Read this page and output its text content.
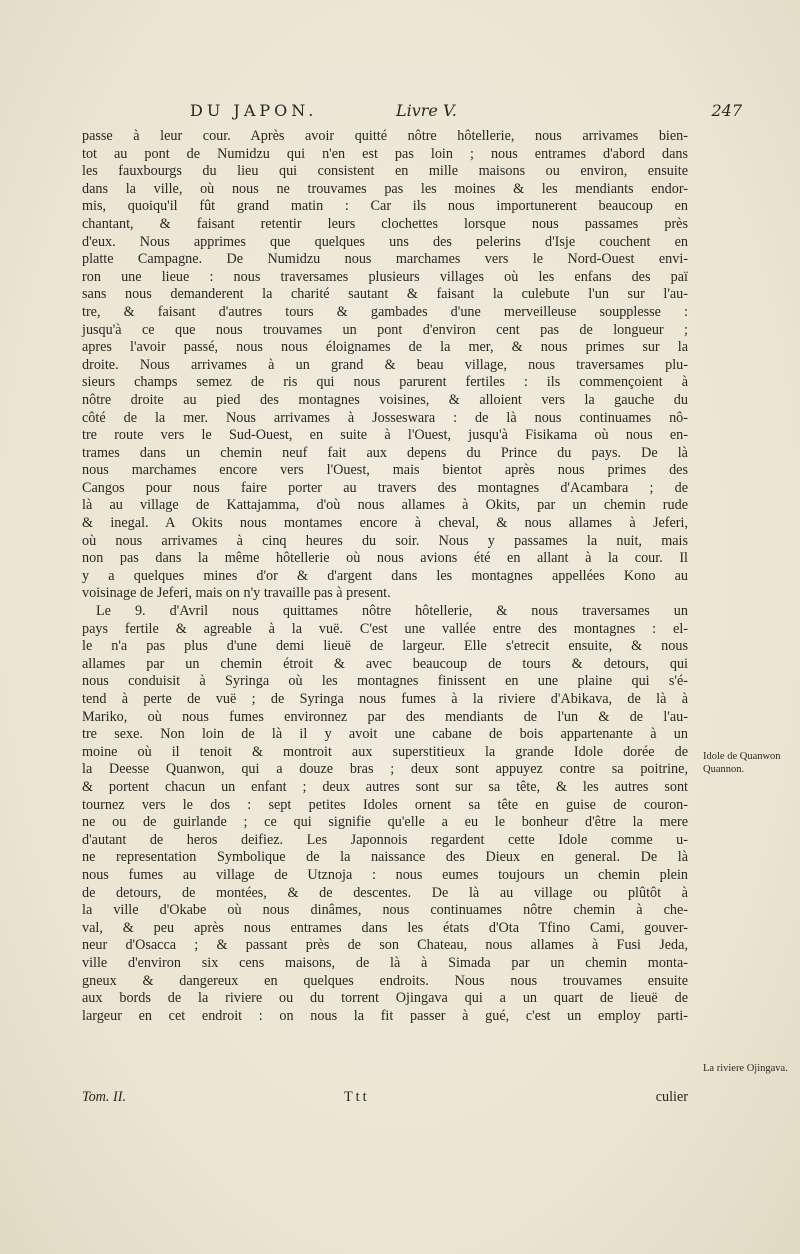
DU JAPON.	Livre V.	247
passe à leur cour. Après avoir quitté nôtre hôtellerie, nous arrivames bien-
tot au pont de Numidzu qui n'en est pas loin ; nous entrames d'abord dans
les fauxbourgs du lieu qui consistent en mille maisons ou environ, ensuite
dans la ville, où nous ne trouvames pas les moines & les mendiants endor-
mis, quoiqu'il fût grand matin : Car ils nous importunerent beaucoup en
chantant, & faisant retentir leurs clochettes lorsque nous passames près
d'eux. Nous apprimes que quelques uns des pelerins d'Isje couchent en
platte Campagne. De Numidzu nous marchames vers le Nord-Ouest envi-
ron une lieue : nous traversames plusieurs villages où les enfans des paï
sans nous demanderent la charité sautant & faisant la culebute l'un sur l'au-
tre, & faisant d'autres tours & gambades d'une merveilleuse soupplesse :
jusqu'à ce que nous trouvames un pont d'environ cent pas de longueur ;
apres l'avoir passé, nous nous éloignames de la mer, & nous primes sur la
droite. Nous arrivames à un grand & beau village, nous traversames plu-
sieurs champs semez de ris qui nous parurent fertiles : ils commençoient à
nôtre droite au pied des montagnes voisines, & alloient vers la gauche du
côté de la mer. Nous arrivames à Josseswara : de là nous continuames nô-
tre route vers le Sud-Ouest, en suite à l'Ouest, jusqu'à Fisikama où nous en-
trames dans un chemin neuf fait aux depens du Prince du pays. De là
nous marchames encore vers l'Ouest, mais bientot après nous primes des
Cangos pour nous faire porter au travers des montagnes d'Acambara ; de
là au village de Kattajamma, d'où nous allames à Okits, par un chemin rude
& inegal. A Okits nous montames encore à cheval, & nous allames à Jeferi,
où nous arrivames à cinq heures du soir. Nous y passames la nuit, mais
non pas dans la même hôtellerie où nous avions été en allant à la cour. Il
y a quelques mines d'or & d'argent dans les montagnes appellées Kono au
voisinage de Jeferi, mais on n'y travaille pas à present.
Le 9. d'Avril nous quittames nôtre hôtellerie, & nous traversames un
pays fertile & agreable à la vuë. C'est une vallée entre des montagnes : el-
le n'a pas plus d'une demi lieuë de largeur. Elle s'etrecit ensuite, & nous
allames par un chemin étroit & avec beaucoup de tours & detours, qui
nous conduisit à Syringa où les montagnes finissent en une plaine qui s'é-
tend à perte de vuë ; de Syringa nous fumes à la riviere d'Abikava, de là à
Mariko, où nous fumes environnez par des mendiants de l'un & de l'au-
tre sexe. Non loin de là il y avoit une cabane de bois appartenante à un
moine où il tenoit & montroit aux superstitieux la grande Idole dorée de
la Deesse Quanwon, qui a douze bras ; deux sont appuyez contre sa poitrine,
& portent chacun un enfant ; deux autres sont sur sa tête, & les autres sont
tournez vers le dos : sept petites Idoles ornent sa tête en guise de couron-
ne ou de guirlande ; ce qui signifie qu'elle a eu le bonheur d'être la mere
d'autant de heros deifiez. Les Japonnois regardent cette Idole comme u-
ne representation Symbolique de la naissance des Dieux en general. De là
nous fumes au village de Utznoja : nous eumes toujours un chemin plein
de detours, de montées, & de descentes. De là au village ou plûtôt à
la ville d'Okabe où nous dinâmes, nous continuames nôtre chemin à che-
val, & peu après nous entrames dans les états d'Ota Tfino Cami, gouver-
neur d'Osacca ; & passant près de son Chateau, nous allames à Fusi Jeda,
ville d'environ six cens maisons, de là à Simada par un chemin monta-
gneux & dangereux en quelques endroits. Nous nous trouvames ensuite
aux bords de la riviere ou du torrent Ojingava qui a un quart de lieuë de
largeur en cet endroit : on nous la fit passer à gué, c'est un employ parti-
Idole de Quanwon Quannon.
La riviere Ojingava.
Tom. II.	Ttt	culier
